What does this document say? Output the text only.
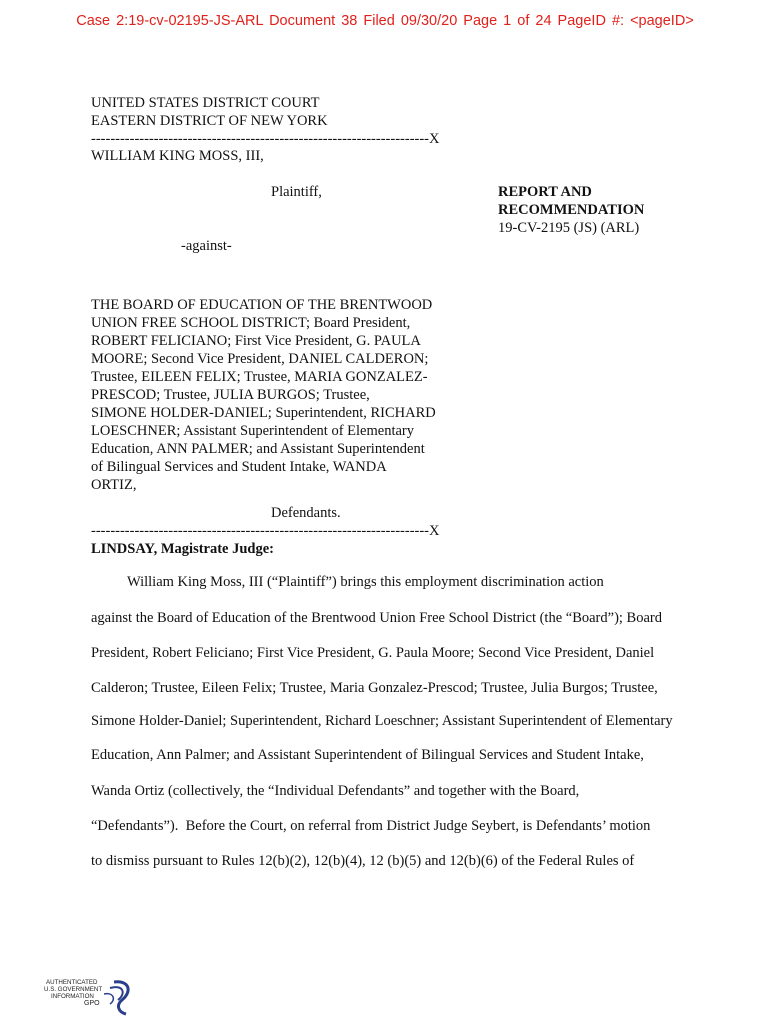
Case 2:19-cv-02195-JS-ARL Document 38 Filed 09/30/20 Page 1 of 24 PageID #: <pageID>
UNITED STATES DISTRICT COURT
EASTERN DISTRICT OF NEW YORK
----------------------------------------------------------------------X
WILLIAM KING MOSS, III,
Plaintiff,	REPORT AND
RECOMMENDATION
19-CV-2195 (JS) (ARL)
-against-
THE BOARD OF EDUCATION OF THE BRENTWOOD
UNION FREE SCHOOL DISTRICT; Board President,
ROBERT FELICIANO; First Vice President, G. PAULA
MOORE; Second Vice President, DANIEL CALDERON;
Trustee, EILEEN FELIX; Trustee, MARIA GONZALEZ-
PRESCOD; Trustee, JULIA BURGOS; Trustee,
SIMONE HOLDER-DANIEL; Superintendent, RICHARD
LOESCHNER; Assistant Superintendent of Elementary
Education, ANN PALMER; and Assistant Superintendent
of Bilingual Services and Student Intake, WANDA
ORTIZ,
Defendants.
----------------------------------------------------------------------X
LINDSAY, Magistrate Judge:
William King Moss, III (“Plaintiff”) brings this employment discrimination action
against the Board of Education of the Brentwood Union Free School District (the “Board”); Board
President, Robert Feliciano; First Vice President, G. Paula Moore; Second Vice President, Daniel
Calderon; Trustee, Eileen Felix; Trustee, Maria Gonzalez-Prescod; Trustee, Julia Burgos; Trustee,
Simone Holder-Daniel; Superintendent, Richard Loeschner; Assistant Superintendent of Elementary
Education, Ann Palmer; and Assistant Superintendent of Bilingual Services and Student Intake,
Wanda Ortiz (collectively, the “Individual Defendants” and together with the Board,
“Defendants”).  Before the Court, on referral from District Judge Seybert, is Defendants’ motion
to dismiss pursuant to Rules 12(b)(2), 12(b)(4), 12 (b)(5) and 12(b)(6) of the Federal Rules of
AUTHENTICATED
U.S. GOVERNMENT
INFORMATION
GPO
